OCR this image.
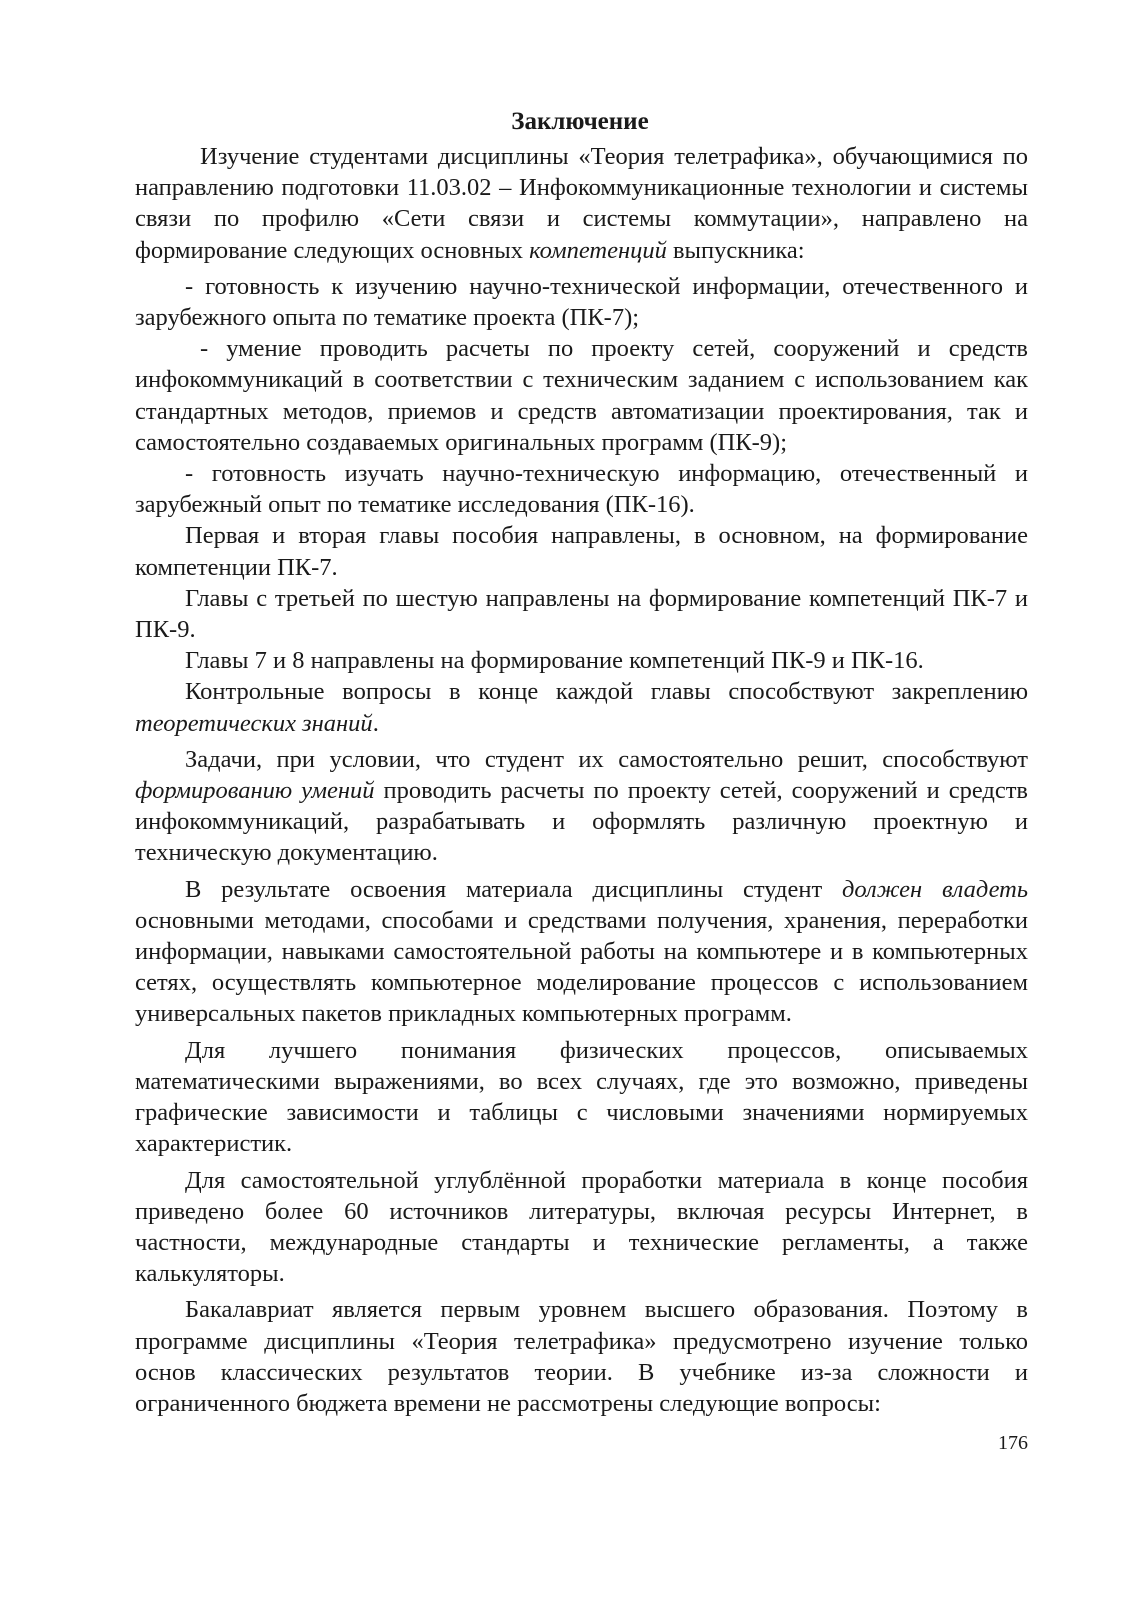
Заключение

Изучение студентами дисциплины «Теория телетрафика», обучающимися по направлению подготовки 11.03.02 – Инфокоммуникационные технологии и системы связи по профилю «Сети связи и системы коммутации», направлено на формирование следующих основных компетенций выпускника:

- готовность к изучению научно-технической информации, отечественного и зарубежного опыта по тематике проекта (ПК-7);

- умение проводить расчеты по проекту сетей, сооружений и средств инфокоммуникаций в соответствии с техническим заданием с использованием как стандартных методов, приемов и средств автоматизации проектирования, так и самостоятельно создаваемых оригинальных программ (ПК-9);

- готовность изучать научно-техническую информацию, отечественный и зарубежный опыт по тематике исследования (ПК-16).

Первая и вторая главы пособия направлены, в основном, на формирование компетенции ПК-7.

Главы с третьей по шестую направлены на формирование компетенций ПК-7 и ПК-9.

Главы 7 и 8 направлены на формирование компетенций ПК-9 и ПК-16.

Контрольные вопросы в конце каждой главы способствуют закреплению теоретических знаний.

Задачи, при условии, что студент их самостоятельно решит, способствуют формированию умений проводить расчеты по проекту сетей, сооружений и средств инфокоммуникаций, разрабатывать и оформлять различную проектную и техническую документацию.

В результате освоения материала дисциплины студент должен владеть основными методами, способами и средствами получения, хранения, переработки информации, навыками самостоятельной работы на компьютере и в компьютерных сетях, осуществлять компьютерное моделирование процессов с использованием универсальных пакетов прикладных компьютерных программ.

Для лучшего понимания физических процессов, описываемых математическими выражениями, во всех случаях, где это возможно, приведены графические зависимости и таблицы с числовыми значениями нормируемых характеристик.

Для самостоятельной углублённой проработки материала в конце пособия приведено более 60 источников литературы, включая ресурсы Интернет, в частности, международные стандарты и технические регламенты, а также калькуляторы.

Бакалавриат является первым уровнем высшего образования. Поэтому в программе дисциплины «Теория телетрафика» предусмотрено изучение только основ классических результатов теории. В учебнике из-за сложности и ограниченного бюджета времени не рассмотрены следующие вопросы:

176
